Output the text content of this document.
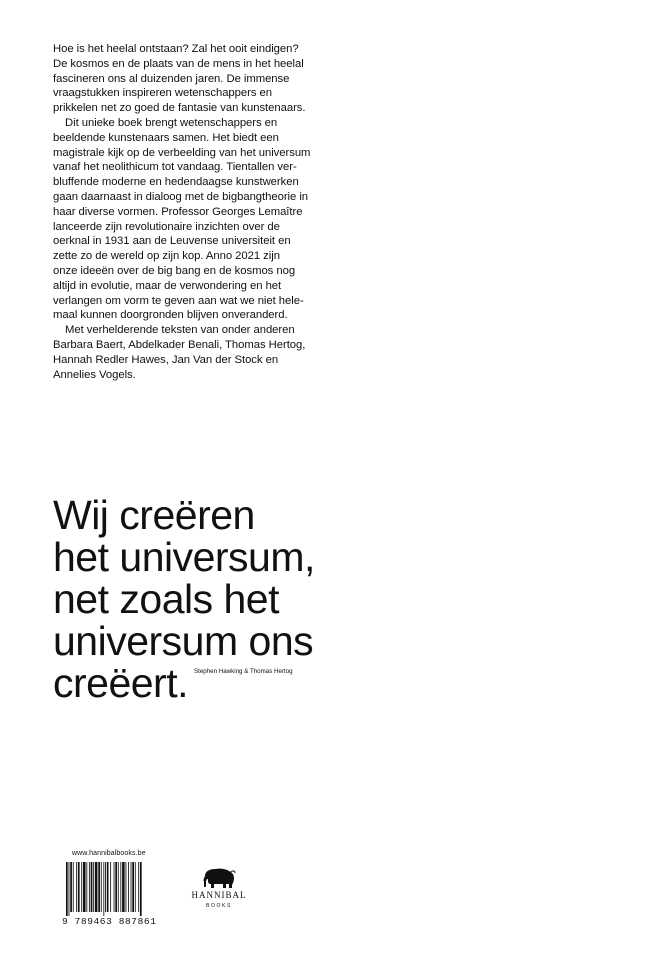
Hoe is het heelal ontstaan? Zal het ooit eindigen?
De kosmos en de plaats van de mens in het heelal
fascineren ons al duizenden jaren. De immense
vraagstukken inspireren wetenschappers en
prikkelen net zo goed de fantasie van kunstenaars.
Dit unieke boek brengt wetenschappers en
beeldende kunstenaars samen. Het biedt een
magistrale kijk op de verbeelding van het universum
vanaf het neolithicum tot vandaag. Tientallen ver-
bluffende moderne en hedendaagse kunstwerken
gaan daarnaast in dialoog met de bigbangtheorie in
haar diverse vormen. Professor Georges Lemaître
lanceerde zijn revolutionaire inzichten over de
oerknal in 1931 aan de Leuvense universiteit en
zette zo de wereld op zijn kop. Anno 2021 zijn
onze ideeën over de big bang en de kosmos nog
altijd in evolutie, maar de verwondering en het
verlangen om vorm te geven aan wat we niet hele-
maal kunnen doorgronden blijven onveranderd.
Met verhelderende teksten van onder anderen
Barbara Baert, Abdelkader Benali, Thomas Hertog,
Hannah Redler Hawes, Jan Van der Stock en
Annelies Vogels.
Wij creëren
het universum,
net zoals het
universum ons
creëert. $^{Stephen Hawking \& Thomas Hertog}$
www.hannibalbooks.be
9 789463 887861
HANNIBAL
BOOKS
